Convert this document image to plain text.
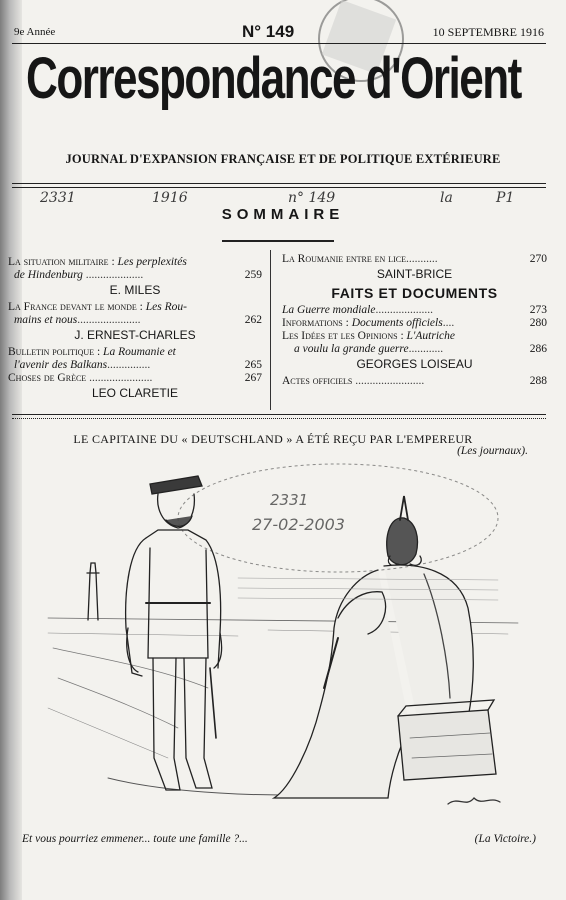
9e Année	N° 149	10 SEPTEMBRE 1916
Correspondance d'Orient
JOURNAL D'EXPANSION FRANÇAISE ET DE POLITIQUE EXTÉRIEURE
2331	1916	n° 149	la	P1
SOMMAIRE
La situation militaire : Les perplexités
de Hindenburg ....................	259
E. MILES
La France devant le monde : Les Rou-
mains et nous......................	262
J. ERNEST-CHARLES
Bulletin politique : La Roumanie et
l'avenir des Balkans...............	265
Choses de Grèce ......................	267
LEO CLARETIE
La Roumanie entre en lice...........	270
SAINT-BRICE
FAITS ET DOCUMENTS
La Guerre mondiale....................	273
Informations : Documents officiels....	280
Les Idées et les Opinions : L'Autriche
a voulu la grande guerre............	286
GEORGES LOISEAU
Actes officiels ........................	288
LE CAPITAINE DU « DEUTSCHLAND » A ÉTÉ REÇU PAR L'EMPEREUR
(Les journaux).
2331
27-02-2003
Et vous pourriez emmener... toute une famille ?...	(La Victoire.)
